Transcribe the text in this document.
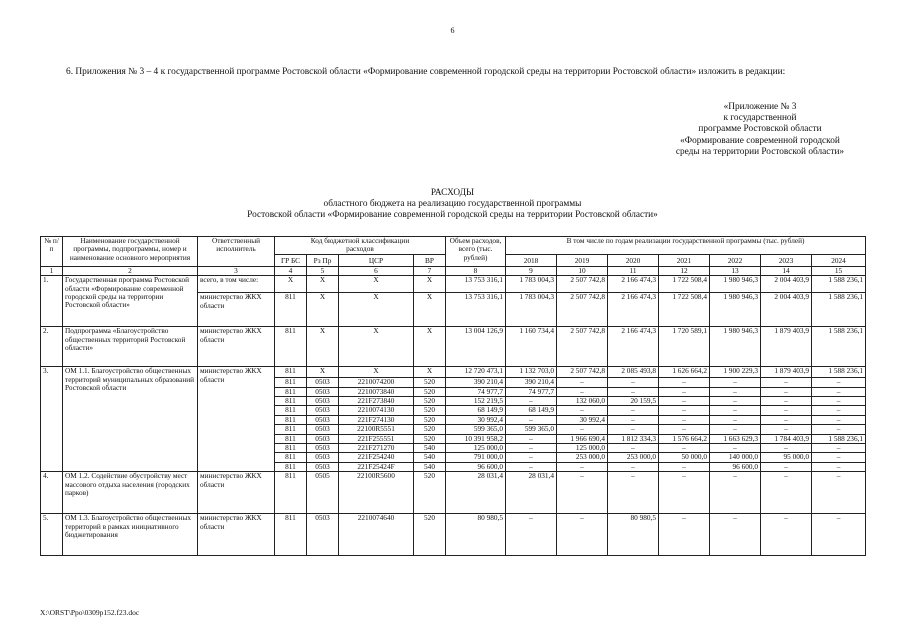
6
6. Приложения № 3 – 4 к государственной программе Ростовской области «Формирование современной городской среды на территории Ростовской области» изложить в редакции:
«Приложение № 3
к государственной
программе Ростовской области
«Формирование современной городской
среды на территории Ростовской области»
РАСХОДЫ
областного бюджета на реализацию государственной программы
Ростовской области «Формирование современной городской среды на территории Ростовской области»
№ п/п	Наименование государственной программы, подпрограммы, номер и наименование основного мероприятия	Ответственный исполнитель	Код бюджетной классификации расходов				Объем расходов, всего (тыс. рублей)	В том числе по годам реализации государственной программы (тыс. рублей)						
			ГР БС	Рз Пр	ЦСР	ВР		2018	2019	2020	2021	2022	2023	2024
1	2	3	4	5	6	7	8	9	10	11	12	13	14	15
1.	Государственная программа Ростовской области «Формирование современной городской среды на территории Ростовской области»	всего, в том числе:	X	X	X	X	13 753 316,1	1 783 004,3	2 507 742,8	2 166 474,3	1 722 508,4	1 980 946,3	2 004 403,9	1 588 236,1
		министерство ЖКХ области	811	X	X	X	13 753 316,1	1 783 004,3	2 507 742,8	2 166 474,3	1 722 508,4	1 980 946,3	2 004 403,9	1 588 236,1
2.	Подпрограмма «Благоустройство общественных территорий Ростовской области»	министерство ЖКХ области	811	X	X	X	13 004 126,9	1 160 734,4	2 507 742,8	2 166 474,3	1 720 589,1	1 980 946,3	1 879 403,9	1 588 236,1
3.	ОМ 1.1. Благоустройство общественных территорий муниципальных образований Ростовской области	министерство ЖКХ области	811	X	X	X	12 720 473,1	1 132 703,0	2 507 742,8	2 085 493,8	1 626 664,2	1 900 229,3	1 879 403,9	1 588 236,1
			811	0503	2210074200	520	390 210,4	390 210,4	–	–	–	–	–	–
			811	0503	2210073840	520	74 977,7	74 977,7	–	–	–	–	–	–
			811	0503	221F273840	520	152 219,5	–	132 060,0	20 159,5	–	–	–	–
			811	0503	2210074130	520	68 149,9	68 149,9	–	–	–	–	–	–
			811	0503	221F274130	520	30 992,4	–	30 992,4	–	–	–	–	–
			811	0503	22100R5551	520	599 365,0	599 365,0	–	–	–	–	–	–
			811	0503	221F255551	520	10 391 958,2	–	1 966 690,4	1 812 334,3	1 576 664,2	1 663 629,3	1 784 403,9	1 588 236,1
			811	0503	221F271270	540	125 000,0	–	125 000,0	–	–	–	–	–
			811	0503	221F254240	540	791 000,0	–	253 000,0	253 000,0	50 000,0	140 000,0	95 000,0	–
			811	0503	221F25424F	540	96 600,0	–	–	–	–	96 600,0	–	–
4.	ОМ 1.2. Содействие обустройству мест массового отдыха населения (городских парков)	министерство ЖКХ области	811	0505	22100R5600	520	28 031,4	28 031,4	–	–	–	–	–	–
5.	ОМ 1.3. Благоустройство общественных территорий в рамках инициативного бюджетирования	министерство ЖКХ области	811	0503	2210074640	520	80 980,5	–	–	80 980,5	–	–	–	–
X:\ORST\Ppo\0309p152.f23.doc
